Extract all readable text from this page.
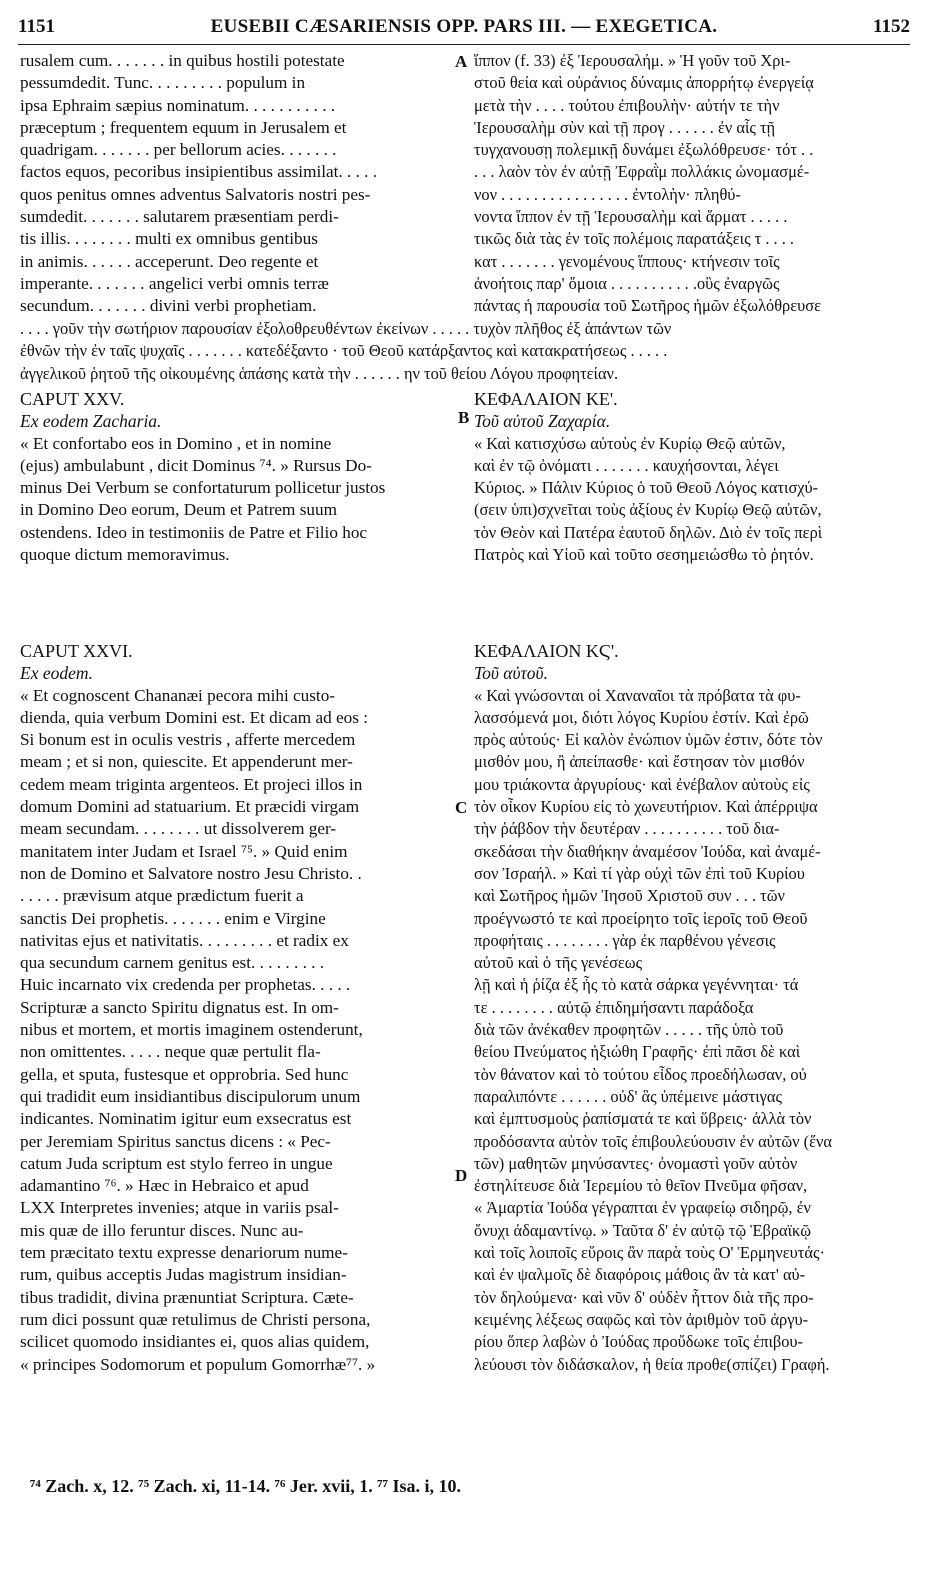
1151	EUSEBII CÆSARIENSIS OPP. PARS III. — EXEGETICA.	1152

rusalem cum. . . . . . . in quibus hostili potestate

pessumdedit. Tunc. . . . . . . . . populum in

ipsa Ephraim sæpius nominatum. . . . . . . . . . .

præceptum ; frequentem equum in Jerusalem et

quadrigam. . . . . . . per bellorum acies. . . . . . .

factos equos, pecoribus insipientibus assimilat. . . . .

quos penitus omnes adventus Salvatoris nostri pes-

sumdedit. . . . . . . salutarem præsentiam perdi-

tis illis. . . . . . . . multi ex omnibus gentibus

in animis. . . . . . acceperunt. Deo regente et

imperante. . . . . . . angelici verbi omnis terræ

secundum. . . . . . . divini verbi prophetiam.

ἵππον (f. 33) ἐξ Ἱερουσαλήμ. » Ἡ γοῦν τοῦ Χρι-

στοῦ θεία καὶ οὐράνιος δύναμις ἀπορρήτῳ ἐνεργείᾳ

μετὰ τὴν . . . . τούτου ἐπιβουλὴν· αὐτήν τε τὴν

Ἱερουσαλὴμ σὺν καὶ τῇ προγ . . . . . . ἐν αἷς τῇ

τυγχανουσῃ πολεμικῇ δυνάμει ἐξωλόθρευσε· τότ . .

. . . λαὸν τὸν ἐν αὐτῇ Ἐφραῒμ πολλάκις ὠνομασμέ-

νον . . . . . . . . . . . . . . . . ἐντολὴν· πληθύ-

νοντα ἵππον ἐν τῇ Ἱερουσαλὴμ καὶ ἅρματ . . . . .

τικῶς διὰ τὰς ἐν τοῖς πολέμοις παρατάξεις τ . . . .

κατ . . . . . . . γενομένους ἵππους· κτήνεσιν τοῖς

ἀνοήτοις παρ' ὅμοια . . . . . . . . . . .οὓς ἐναργῶς

πάντας ἡ παρουσία τοῦ Σωτῆρος ἡμῶν ἐξωλόθρευσε

. . . . γοῦν τὴν σωτήριον παρουσίαν ἐξολοθρευθέντων ἐκείνων . . . . . τυχὸν πλῆθος ἐξ ἁπάντων τῶν

ἐθνῶν τὴν ἐν ταῖς ψυχαῖς . . . . . . . κατεδέξαντο · τοῦ Θεοῦ κατάρξαντος καὶ κατακρατήσεως . . . . .

ἀγγελικοῦ ῥητοῦ τῆς οἰκουμένης ἁπάσης κατὰ τὴν . . . . . . ην τοῦ θείου Λόγου προφητείαν.

CAPUT XXV.

Ex eodem Zacharia.

« Et confortabo eos in Domino , et in nomine

(ejus) ambulabunt , dicit Dominus ⁷⁴. » Rursus Do-

minus Dei Verbum se confortaturum pollicetur justos

in Domino Deo eorum, Deum et Patrem suum

ostendens. Ideo in testimoniis de Patre et Filio hoc

quoque dictum memoravimus.

ΚΕΦΑΛΑΙΟΝ ΚΕ'.

Τοῦ αὐτοῦ Ζαχαρία.

« Καὶ κατισχύσω αὐτοὺς ἐν Κυρίῳ Θεῷ αὐτῶν,

καὶ ἐν τῷ ὀνόματι . . . . . . . καυχήσονται, λέγει

Κύριος. » Πάλιν Κύριος ὁ τοῦ Θεοῦ Λόγος κατισχύ-

(σειν ὑπι)σχνεῖται τοὺς ἀξίους ἐν Κυρίῳ Θεῷ αὐτῶν,

τὸν Θεὸν καὶ Πατέρα ἑαυτοῦ δηλῶν. Διὸ ἐν τοῖς περὶ

Πατρὸς καὶ Υἱοῦ καὶ τοῦτο σεσημειώσθω τὸ ῥητόν.

CAPUT XXVI.

Ex eodem.

« Et cognoscent Chananæi pecora mihi custo-

dienda, quia verbum Domini est. Et dicam ad eos :

Si bonum est in oculis vestris , afferte mercedem

meam ; et si non, quiescite. Et appenderunt mer-

cedem meam triginta argenteos. Et projeci illos in

domum Domini ad statuarium. Et præcidi virgam

meam secundam. . . . . . . . ut dissolverem ger-

manitatem inter Judam et Israel ⁷⁵. » Quid enim

non de Domino et Salvatore nostro Jesu Christo. .

. . . . . prævisum atque prædictum fuerit a

sanctis Dei prophetis. . . . . . . enim e Virgine

nativitas ejus et nativitatis. . . . . . . . . et radix ex

qua secundum carnem genitus est. . . . . . . . .

Huic incarnato vix credenda per prophetas. . . . .

Scripturæ a sancto Spiritu dignatus est. In om-

nibus et mortem, et mortis imaginem ostenderunt,

non omittentes. . . . . neque quæ pertulit fla-

gella, et sputa, fustesque et opprobria. Sed hunc

qui tradidit eum insidiantibus discipulorum unum

indicantes. Nominatim igitur eum exsecratus est

per Jeremiam Spiritus sanctus dicens : « Pec-

catum Juda scriptum est stylo ferreo in ungue

adamantino ⁷⁶. » Hæc in Hebraico et apud

LXX Interpretes invenies; atque in variis psal-

mis quæ de illo feruntur disces. Nunc au-

tem præcitato textu expresse denariorum nume-

rum, quibus acceptis Judas magistrum insidian-

tibus tradidit, divina prænuntiat Scriptura. Cæte-

rum dici possunt quæ retulimus de Christi persona,

scilicet quomodo insidiantes ei, quos alias quidem,

« principes Sodomorum et populum Gomorrhæ⁷⁷. »

ΚΕΦΑΛΑΙΟΝ ΚϚ'.

Τοῦ αὐτοῦ.

« Καὶ γνώσονται οἱ Χαναναῖοι τὰ πρόβατα τὰ φυ-

λασσόμενά μοι, διότι λόγος Κυρίου ἐστίν. Καὶ ἐρῶ

πρὸς αὐτούς· Εἰ καλὸν ἐνώπιον ὑμῶν ἐστιν, δότε τὸν

μισθόν μου, ἢ ἀπείπασθε· καὶ ἔστησαν τὸν μισθόν

μου τριάκοντα ἀργυρίους· καὶ ἐνέβαλον αὐτοὺς εἰς

τὸν οἶκον Κυρίου εἰς τὸ χωνευτήριον. Καὶ ἀπέρριψα

τὴν ῥάβδον τὴν δευτέραν . . . . . . . . . . τοῦ δια-

σκεδάσαι τὴν διαθήκην ἀναμέσον Ἰούδα, καὶ ἀναμέ-

σον Ἰσραήλ. » Καὶ τί γὰρ οὐχὶ τῶν ἐπὶ τοῦ Κυρίου

καὶ Σωτῆρος ἡμῶν Ἰησοῦ Χριστοῦ συν . . . τῶν

προέγνωστό τε καὶ προείρητο τοῖς ἱεροῖς τοῦ Θεοῦ

προφήταις . . . . . . . . γὰρ ἐκ παρθένου γένεσις

αὐτοῦ καὶ ὁ τῆς γενέσεως

λῇ καὶ ἡ ῥίζα ἐξ ἧς τὸ κατὰ σάρκα γεγέννηται· τά

τε . . . . . . . . αὐτῷ ἐπιδημήσαντι παράδοξα

διὰ τῶν ἀνέκαθεν προφητῶν . . . . . τῆς ὑπὸ τοῦ

θείου Πνεύματος ἠξιώθη Γραφῆς· ἐπὶ πᾶσι δὲ καὶ

τὸν θάνατον καὶ τὸ τούτου εἶδος προεδήλωσαν, οὐ

παραλιπόντε . . . . . . οὐδ' ἃς ὑπέμεινε μάστιγας

καὶ ἐμπτυσμοὺς ῥαπίσματά τε καὶ ὕβρεις· ἀλλὰ τὸν

προδόσαντα αὐτὸν τοῖς ἐπιβουλεύουσιν ἐν αὐτῶν (ἕνα

τῶν) μαθητῶν μηνύσαντες· ὀνομαστὶ γοῦν αὐτὸν

ἐστηλίτευσε διὰ Ἱερεμίου τὸ θεῖον Πνεῦμα φῆσαν,

« Ἁμαρτία Ἰούδα γέγραπται ἐν γραφείῳ σιδηρῷ, ἐν

ὄνυχι ἀδαμαντίνῳ. » Ταῦτα δ' ἐν αὐτῷ τῷ Ἑβραϊκῷ

καὶ τοῖς λοιποῖς εὕροις ἂν παρὰ τοὺς Ο' Ἑρμηνευτάς·

καὶ ἐν ψαλμοῖς δὲ διαφόροις μάθοις ἂν τὰ κατ' αὐ-

τὸν δηλούμενα· καὶ νῦν δ' οὐδὲν ἧττον διὰ τῆς προ-

κειμένης λέξεως σαφῶς καὶ τὸν ἀριθμὸν τοῦ ἀργυ-

ρίου ὅπερ λαβὼν ὁ Ἰούδας προὔδωκε τοῖς ἐπιβου-

λεύουσι τὸν διδάσκαλον, ἡ θεία προθε(σπίζει) Γραφή.

A
B
C
D
⁷⁴ Zach. x, 12. ⁷⁵ Zach. xi, 11-14. ⁷⁶ Jer. xvii, 1. ⁷⁷ Isa. i, 10.
